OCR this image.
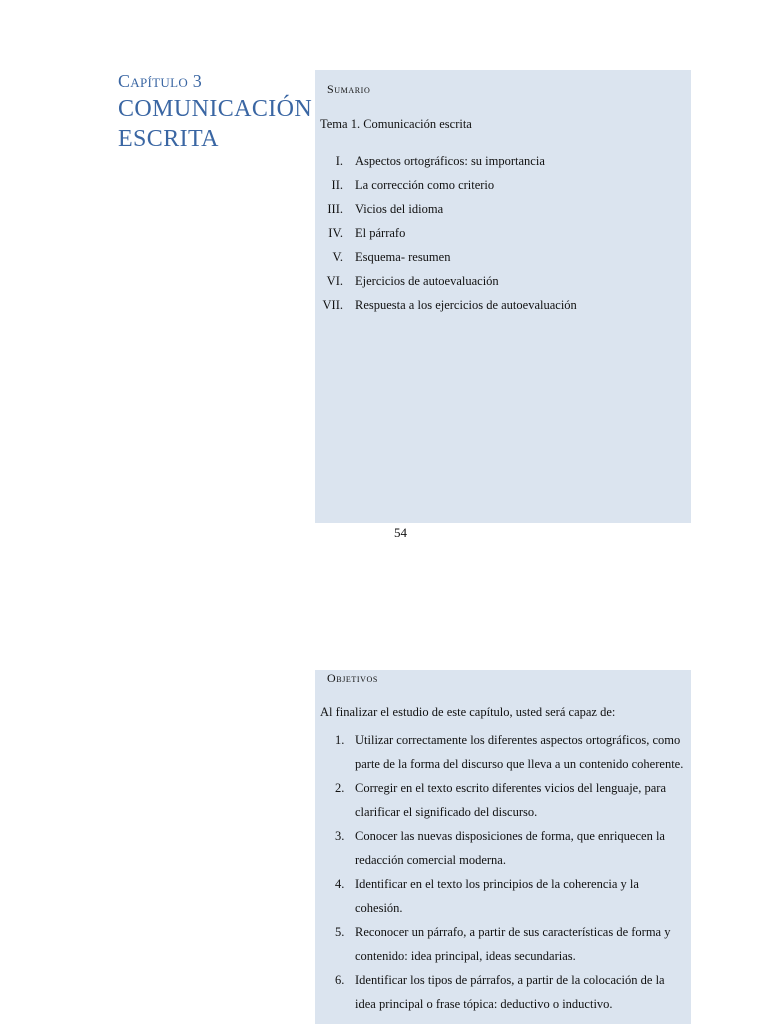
Capítulo 3
COMUNICACIÓN
ESCRITA
Sumario
Tema 1. Comunicación escrita
I. Aspectos ortográficos: su importancia
II. La corrección como criterio
III. Vicios del idioma
IV. El párrafo
V. Esquema- resumen
VI. Ejercicios de autoevaluación
VII. Respuesta a los ejercicios de autoevaluación
54
Objetivos
Al finalizar el estudio de este capítulo, usted será capaz de:
1. Utilizar correctamente los diferentes aspectos ortográficos, como parte de la forma del discurso que lleva a un contenido coherente.
2. Corregir en el texto escrito diferentes vicios del lenguaje, para clarificar el significado del discurso.
3. Conocer las nuevas disposiciones de forma, que enriquecen la redacción comercial moderna.
4. Identificar en el texto los principios de la coherencia y la cohesión.
5. Reconocer un párrafo, a partir de sus características de forma y contenido: idea principal, ideas secundarias.
6. Identificar los tipos de párrafos, a partir de la colocación de la idea principal o frase tópica: deductivo o inductivo.
